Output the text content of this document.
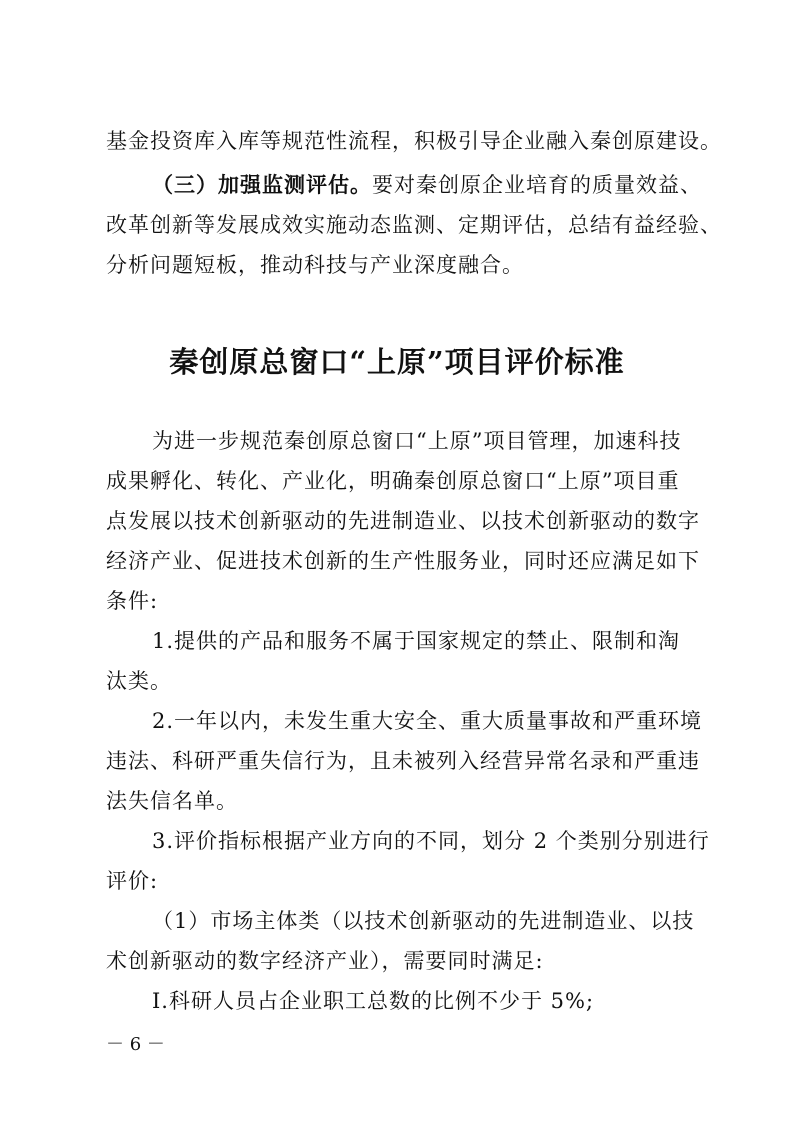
基金投资库入库等规范性流程，积极引导企业融入秦创原建设。
（三）加强监测评估。要对秦创原企业培育的质量效益、
改革创新等发展成效实施动态监测、定期评估，总结有益经验、
分析问题短板，推动科技与产业深度融合。
秦创原总窗口“上原”项目评价标准
为进一步规范秦创原总窗口“上原”项目管理，加速科技
成果孵化、转化、产业化，明确秦创原总窗口“上原”项目重
点发展以技术创新驱动的先进制造业、以技术创新驱动的数字
经济产业、促进技术创新的生产性服务业，同时还应满足如下
条件:
1.提供的产品和服务不属于国家规定的禁止、限制和淘
汰类。
2.一年以内，未发生重大安全、重大质量事故和严重环境
违法、科研严重失信行为，且未被列入经营异常名录和严重违
法失信名单。
3.评价指标根据产业方向的不同，划分 2 个类别分别进行
评价:
（1）市场主体类（以技术创新驱动的先进制造业、以技
术创新驱动的数字经济产业），需要同时满足:
I.科研人员占企业职工总数的比例不少于 5%;
－ 6 －
